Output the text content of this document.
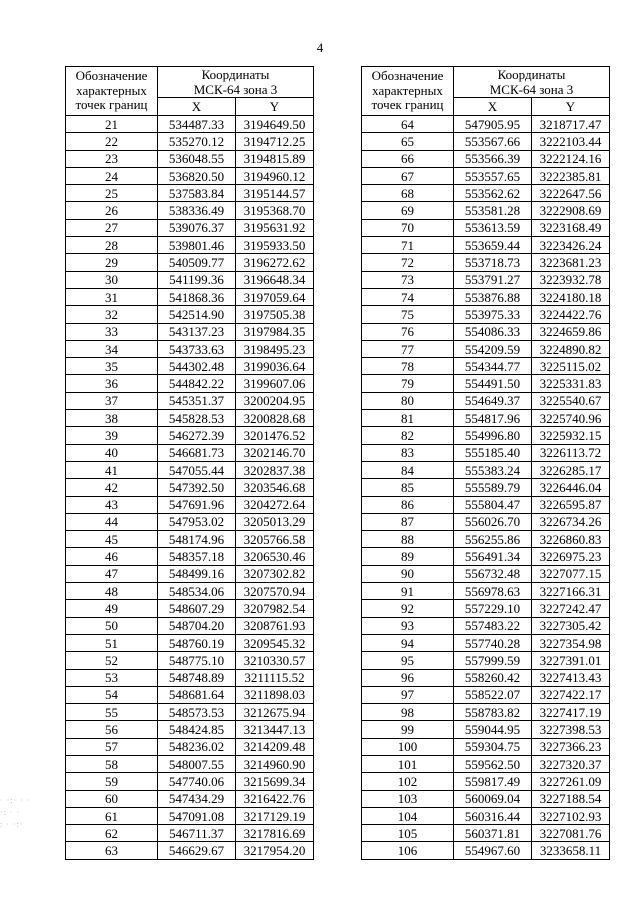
4
· ·:· · ·
·: · ·
: · ·:·
Обозначение
характерных
точек границ	Координаты
МСК-64 зона 3	

	X	Y
21	534487.33	3194649.50
22	535270.12	3194712.25
23	536048.55	3194815.89
24	536820.50	3194960.12
25	537583.84	3195144.57
26	538336.49	3195368.70
27	539076.37	3195631.92
28	539801.46	3195933.50
29	540509.77	3196272.62
30	541199.36	3196648.34
31	541868.36	3197059.64
32	542514.90	3197505.38
33	543137.23	3197984.35
34	543733.63	3198495.23
35	544302.48	3199036.64
36	544842.22	3199607.06
37	545351.37	3200204.95
38	545828.53	3200828.68
39	546272.39	3201476.52
40	546681.73	3202146.70
41	547055.44	3202837.38
42	547392.50	3203546.68
43	547691.96	3204272.64
44	547953.02	3205013.29
45	548174.96	3205766.58
46	548357.18	3206530.46
47	548499.16	3207302.82
48	548534.06	3207570.94
49	548607.29	3207982.54
50	548704.20	3208761.93
51	548760.19	3209545.32
52	548775.10	3210330.57
53	548748.89	3211115.52
54	548681.64	3211898.03
55	548573.53	3212675.94
56	548424.85	3213447.13
57	548236.02	3214209.48
58	548007.55	3214960.90
59	547740.06	3215699.34
60	547434.29	3216422.76
61	547091.08	3217129.19
62	546711.37	3217816.69
63	546629.67	3217954.20
Обозначение
характерных
точек границ	Координаты
МСК-64 зона 3	

	X	Y
64	547905.95	3218717.47
65	553567.66	3222103.44
66	553566.39	3222124.16
67	553557.65	3222385.81
68	553562.62	3222647.56
69	553581.28	3222908.69
70	553613.59	3223168.49
71	553659.44	3223426.24
72	553718.73	3223681.23
73	553791.27	3223932.78
74	553876.88	3224180.18
75	553975.33	3224422.76
76	554086.33	3224659.86
77	554209.59	3224890.82
78	554344.77	3225115.02
79	554491.50	3225331.83
80	554649.37	3225540.67
81	554817.96	3225740.96
82	554996.80	3225932.15
83	555185.40	3226113.72
84	555383.24	3226285.17
85	555589.79	3226446.04
86	555804.47	3226595.87
87	556026.70	3226734.26
88	556255.86	3226860.83
89	556491.34	3226975.23
90	556732.48	3227077.15
91	556978.63	3227166.31
92	557229.10	3227242.47
93	557483.22	3227305.42
94	557740.28	3227354.98
95	557999.59	3227391.01
96	558260.42	3227413.43
97	558522.07	3227422.17
98	558783.82	3227417.19
99	559044.95	3227398.53
100	559304.75	3227366.23
101	559562.50	3227320.37
102	559817.49	3227261.09
103	560069.04	3227188.54
104	560316.44	3227102.93
105	560371.81	3227081.76
106	554967.60	3233658.11
